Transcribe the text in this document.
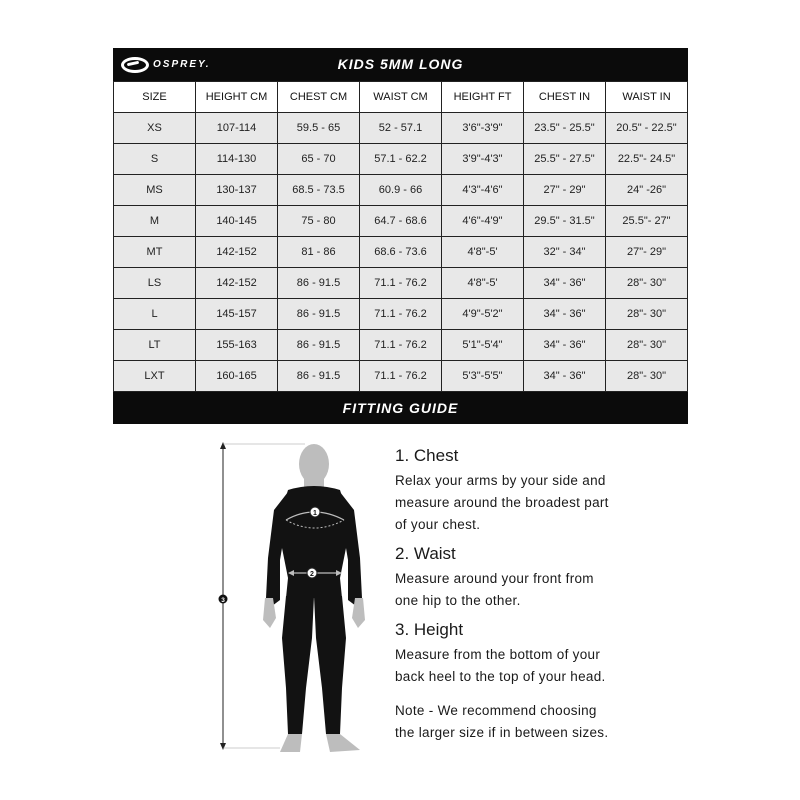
OSPREY.	KIDS 5MM LONG
SIZE	HEIGHT CM	CHEST CM	WAIST CM	HEIGHT FT	CHEST IN	WAIST IN
XS	107-114	59.5 - 65	52 - 57.1	3'6"-3'9"	23.5" - 25.5"	20.5" - 22.5"
S	114-130	65 - 70	57.1 - 62.2	3'9"-4'3"	25.5" - 27.5"	22.5"- 24.5"
MS	130-137	68.5 - 73.5	60.9 - 66	4'3"-4'6"	27" - 29"	24" -26"
M	140-145	75 - 80	64.7 - 68.6	4'6"-4'9"	29.5" - 31.5"	25.5"- 27"
MT	142-152	81 - 86	68.6 - 73.6	4'8"-5'	32" - 34"	27"- 29"
LS	142-152	86 - 91.5	71.1 - 76.2	4'8"-5'	34" - 36"	28"- 30"
L	145-157	86 - 91.5	71.1 - 76.2	4'9"-5'2"	34" - 36"	28"- 30"
LT	155-163	86 - 91.5	71.1 - 76.2	5'1"-5'4"	34" - 36"	28"- 30"
LXT	160-165	86 - 91.5	71.1 - 76.2	5'3"-5'5"	34" - 36"	28"- 30"
FITTING GUIDE
1
2
3
1. Chest
Relax your arms by your side and
measure around the broadest part
of your chest.
2. Waist
Measure around your front from
one hip to the other.
3. Height
Measure from the bottom of your
back heel to the top of your head.
Note - We recommend choosing
the larger size if in between sizes.
